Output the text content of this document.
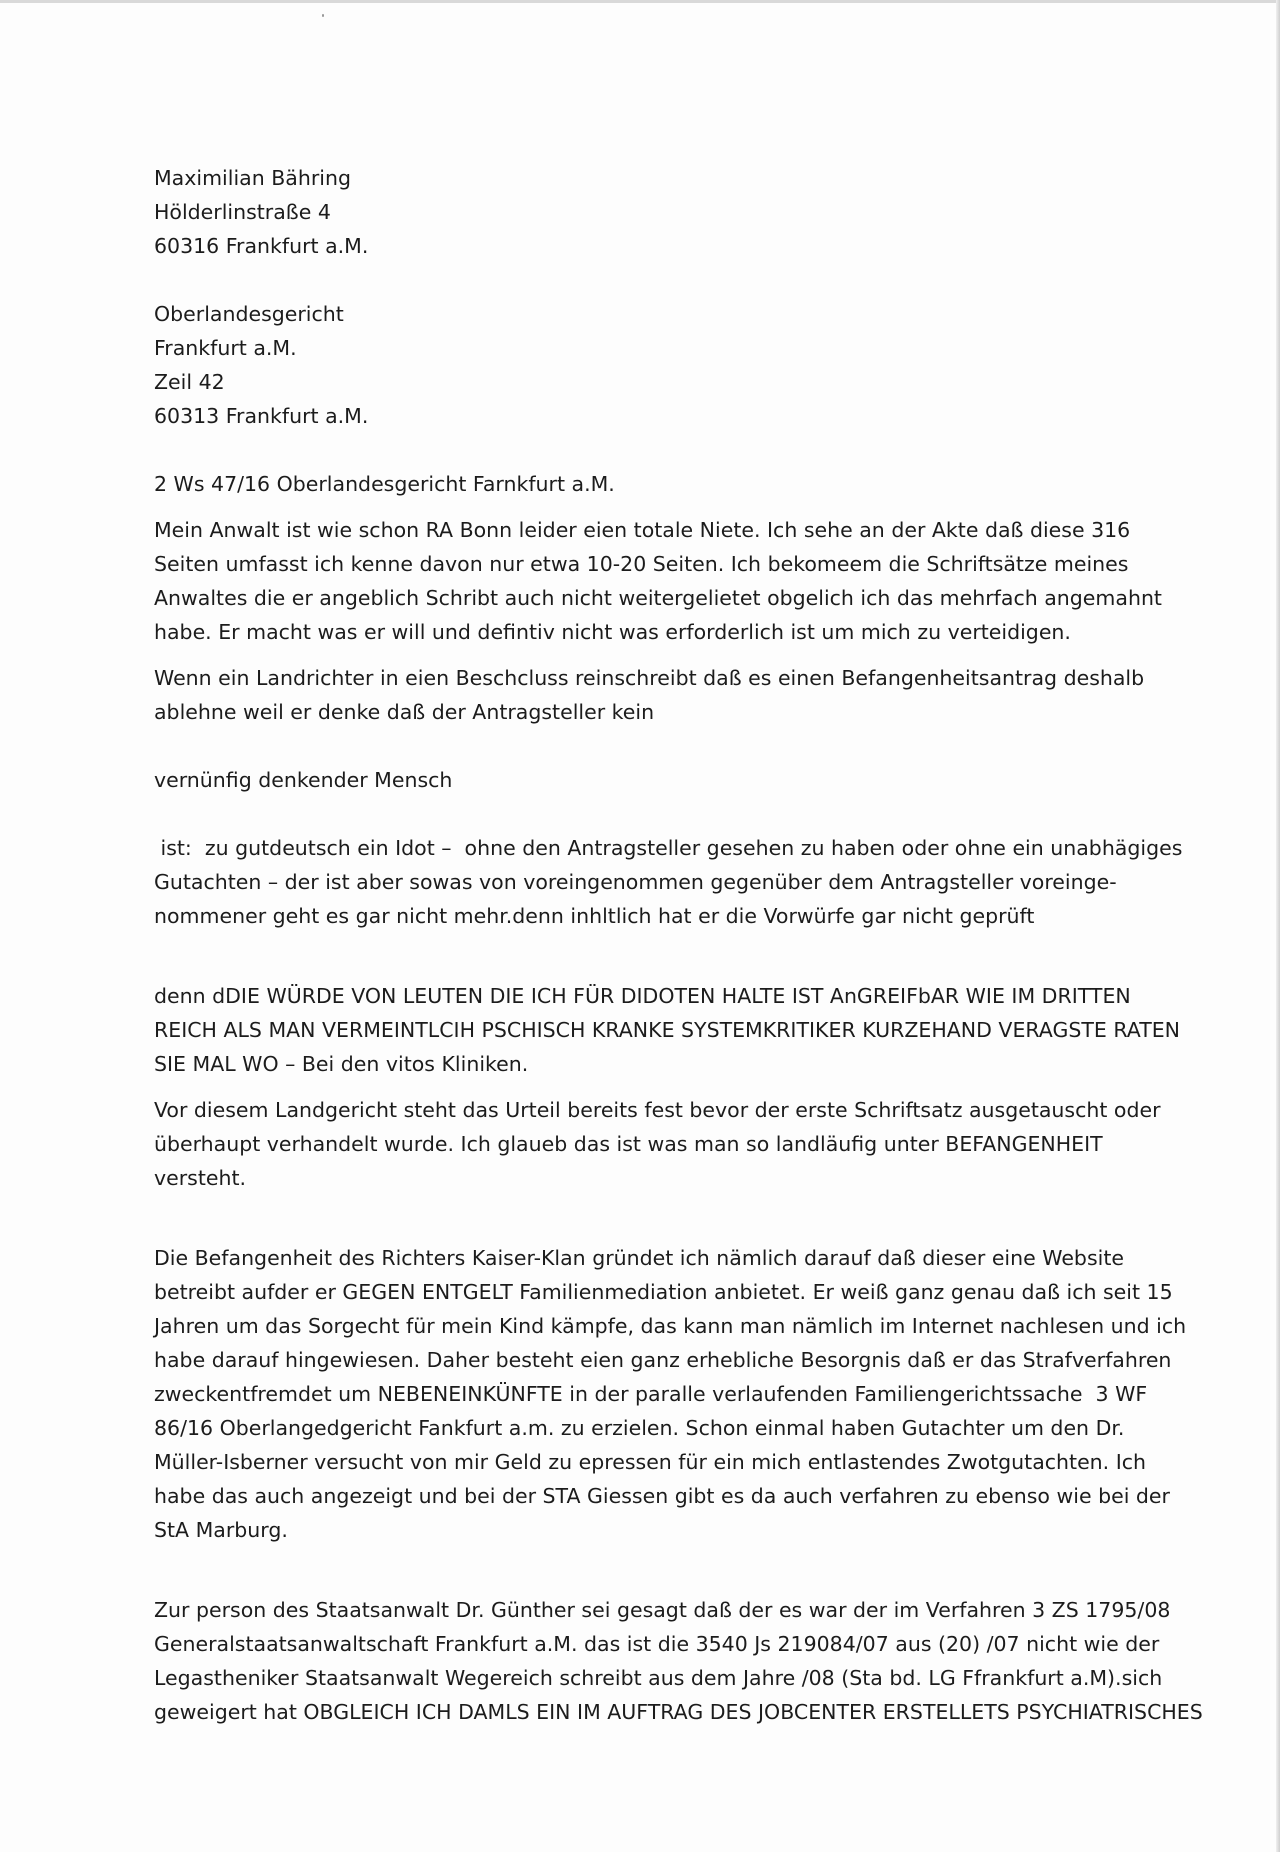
Maximilian Bähring
Hölderlinstraße 4
60316 Frankfurt a.M.
Oberlandesgericht
Frankfurt a.M.
Zeil 42
60313 Frankfurt a.M.
2 Ws 47/16 Oberlandesgericht Farnkfurt a.M.
Mein Anwalt ist wie schon RA Bonn leider eien totale Niete. Ich sehe an der Akte daß diese 316
Seiten umfasst ich kenne davon nur etwa 10-20 Seiten. Ich bekomeem die Schriftsätze meines
Anwaltes die er angeblich Schribt auch nicht weitergelietet obgelich ich das mehrfach angemahnt
habe. Er macht was er will und defintiv nicht was erforderlich ist um mich zu verteidigen.
Wenn ein Landrichter in eien Beschcluss reinschreibt daß es einen Befangenheitsantrag deshalb
ablehne weil er denke daß der Antragsteller kein
vernünfig denkender Mensch
ist:  zu gutdeutsch ein Idot –  ohne den Antragsteller gesehen zu haben oder ohne ein unabhägiges
Gutachten – der ist aber sowas von voreingenommen gegenüber dem Antragsteller voreinge-
nommener geht es gar nicht mehr.denn inhltlich hat er die Vorwürfe gar nicht geprüft
denn dDIE WÜRDE VON LEUTEN DIE ICH FÜR DIDOTEN HALTE IST AnGREIFbAR WIE IM DRITTEN
REICH ALS MAN VERMEINTLCIH PSCHISCH KRANKE SYSTEMKRITIKER KURZEHAND VERAGSTE RATEN
SIE MAL WO – Bei den vitos Kliniken.
Vor diesem Landgericht steht das Urteil bereits fest bevor der erste Schriftsatz ausgetauscht oder
überhaupt verhandelt wurde. Ich glaueb das ist was man so landläufig unter BEFANGENHEIT
versteht.
Die Befangenheit des Richters Kaiser-Klan gründet ich nämlich darauf daß dieser eine Website
betreibt aufder er GEGEN ENTGELT Familienmediation anbietet. Er weiß ganz genau daß ich seit 15
Jahren um das Sorgecht für mein Kind kämpfe, das kann man nämlich im Internet nachlesen und ich
habe darauf hingewiesen. Daher besteht eien ganz erhebliche Besorgnis daß er das Strafverfahren
zweckentfremdet um NEBENEINKÜNFTE in der paralle verlaufenden Familiengerichtssache  3 WF
86/16 Oberlangedgericht Fankfurt a.m. zu erzielen. Schon einmal haben Gutachter um den Dr.
Müller-Isberner versucht von mir Geld zu epressen für ein mich entlastendes Zwotgutachten. Ich
habe das auch angezeigt und bei der STA Giessen gibt es da auch verfahren zu ebenso wie bei der
StA Marburg.
Zur person des Staatsanwalt Dr. Günther sei gesagt daß der es war der im Verfahren 3 ZS 1795/08
Generalstaatsanwaltschaft Frankfurt a.M. das ist die 3540 Js 219084/07 aus (20) /07 nicht wie der
Legastheniker Staatsanwalt Wegereich schreibt aus dem Jahre /08 (Sta bd. LG Ffrankfurt a.M).sich
geweigert hat OBGLEICH ICH DAMLS EIN IM AUFTRAG DES JOBCENTER ERSTELLETS PSYCHIATRISCHES
